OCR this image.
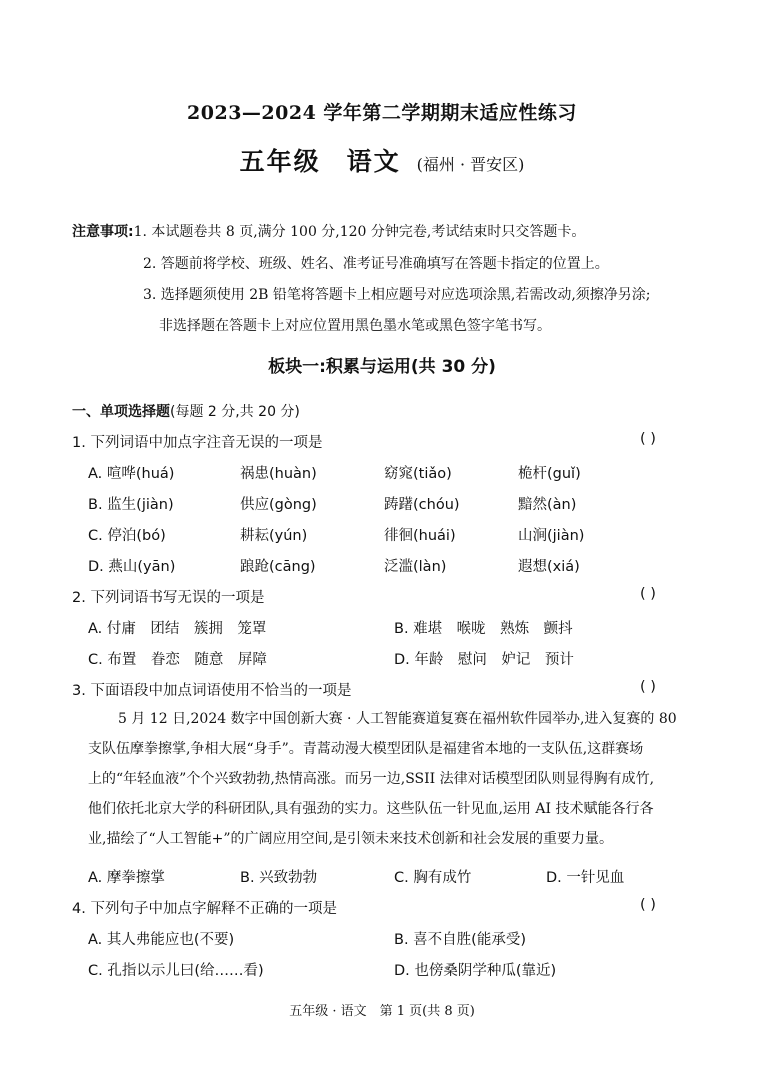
2023—2024 学年第二学期期末适应性练习
五年级 语文 (福州 · 晋安区)
注意事项:1. 本试题卷共 8 页,满分 100 分,120 分钟完卷,考试结束时只交答题卡。
2. 答题前将学校、班级、姓名、准考证号准确填写在答题卡指定的位置上。
3. 选择题须使用 2B 铅笔将答题卡上相应题号对应选项涂黑,若需改动,须擦净另涂;
非选择题在答题卡上对应位置用黑色墨水笔或黑色签字笔书写。
板块一:积累与运用(共 30 分)
一、单项选择题(每题 2 分,共 20 分)
1. 下列词语中加点字注音无误的一项是	( )
A. 喧哗(huá)	祸患(huàn)	窈窕(tiǎo)	桅杆(guǐ)
B. 监生(jiàn)	供应(gòng)	踌躇(chóu)	黯然(àn)
C. 停泊(bó)	耕耘(yún)	徘徊(huái)	山涧(jiàn)
D. 燕山(yān)	踉跄(cāng)	泛滥(làn)	遐想(xiá)
2. 下列词语书写无误的一项是	( )
A. 付庸　团结　簇拥　笼罩	B. 难堪　喉咙　熟炼　颤抖
C. 布置　眷恋　随意　屏障	D. 年龄　慰问　妒记　预计
3. 下面语段中加点词语使用不恰当的一项是	( )
5 月 12 日,2024 数字中国创新大赛 · 人工智能赛道复赛在福州软件园举办,进入复赛的 80
支队伍摩拳擦掌,争相大展“身手”。青蒿动漫大模型团队是福建省本地的一支队伍,这群赛场
上的“年轻血液”个个兴致勃勃,热情高涨。而另一边,SSII 法律对话模型团队则显得胸有成竹,
他们依托北京大学的科研团队,具有强劲的实力。这些队伍一针见血,运用 AI 技术赋能各行各
业,描绘了“人工智能+”的广阔应用空间,是引领未来技术创新和社会发展的重要力量。
A. 摩拳擦掌	B. 兴致勃勃	C. 胸有成竹	D. 一针见血
4. 下列句子中加点字解释不正确的一项是	( )
A. 其人弗能应也(不要)	B. 喜不自胜(能承受)
C. 孔指以示儿曰(给……看)	D. 也傍桑阴学种瓜(靠近)
五年级 · 语文　第 1 页(共 8 页)
